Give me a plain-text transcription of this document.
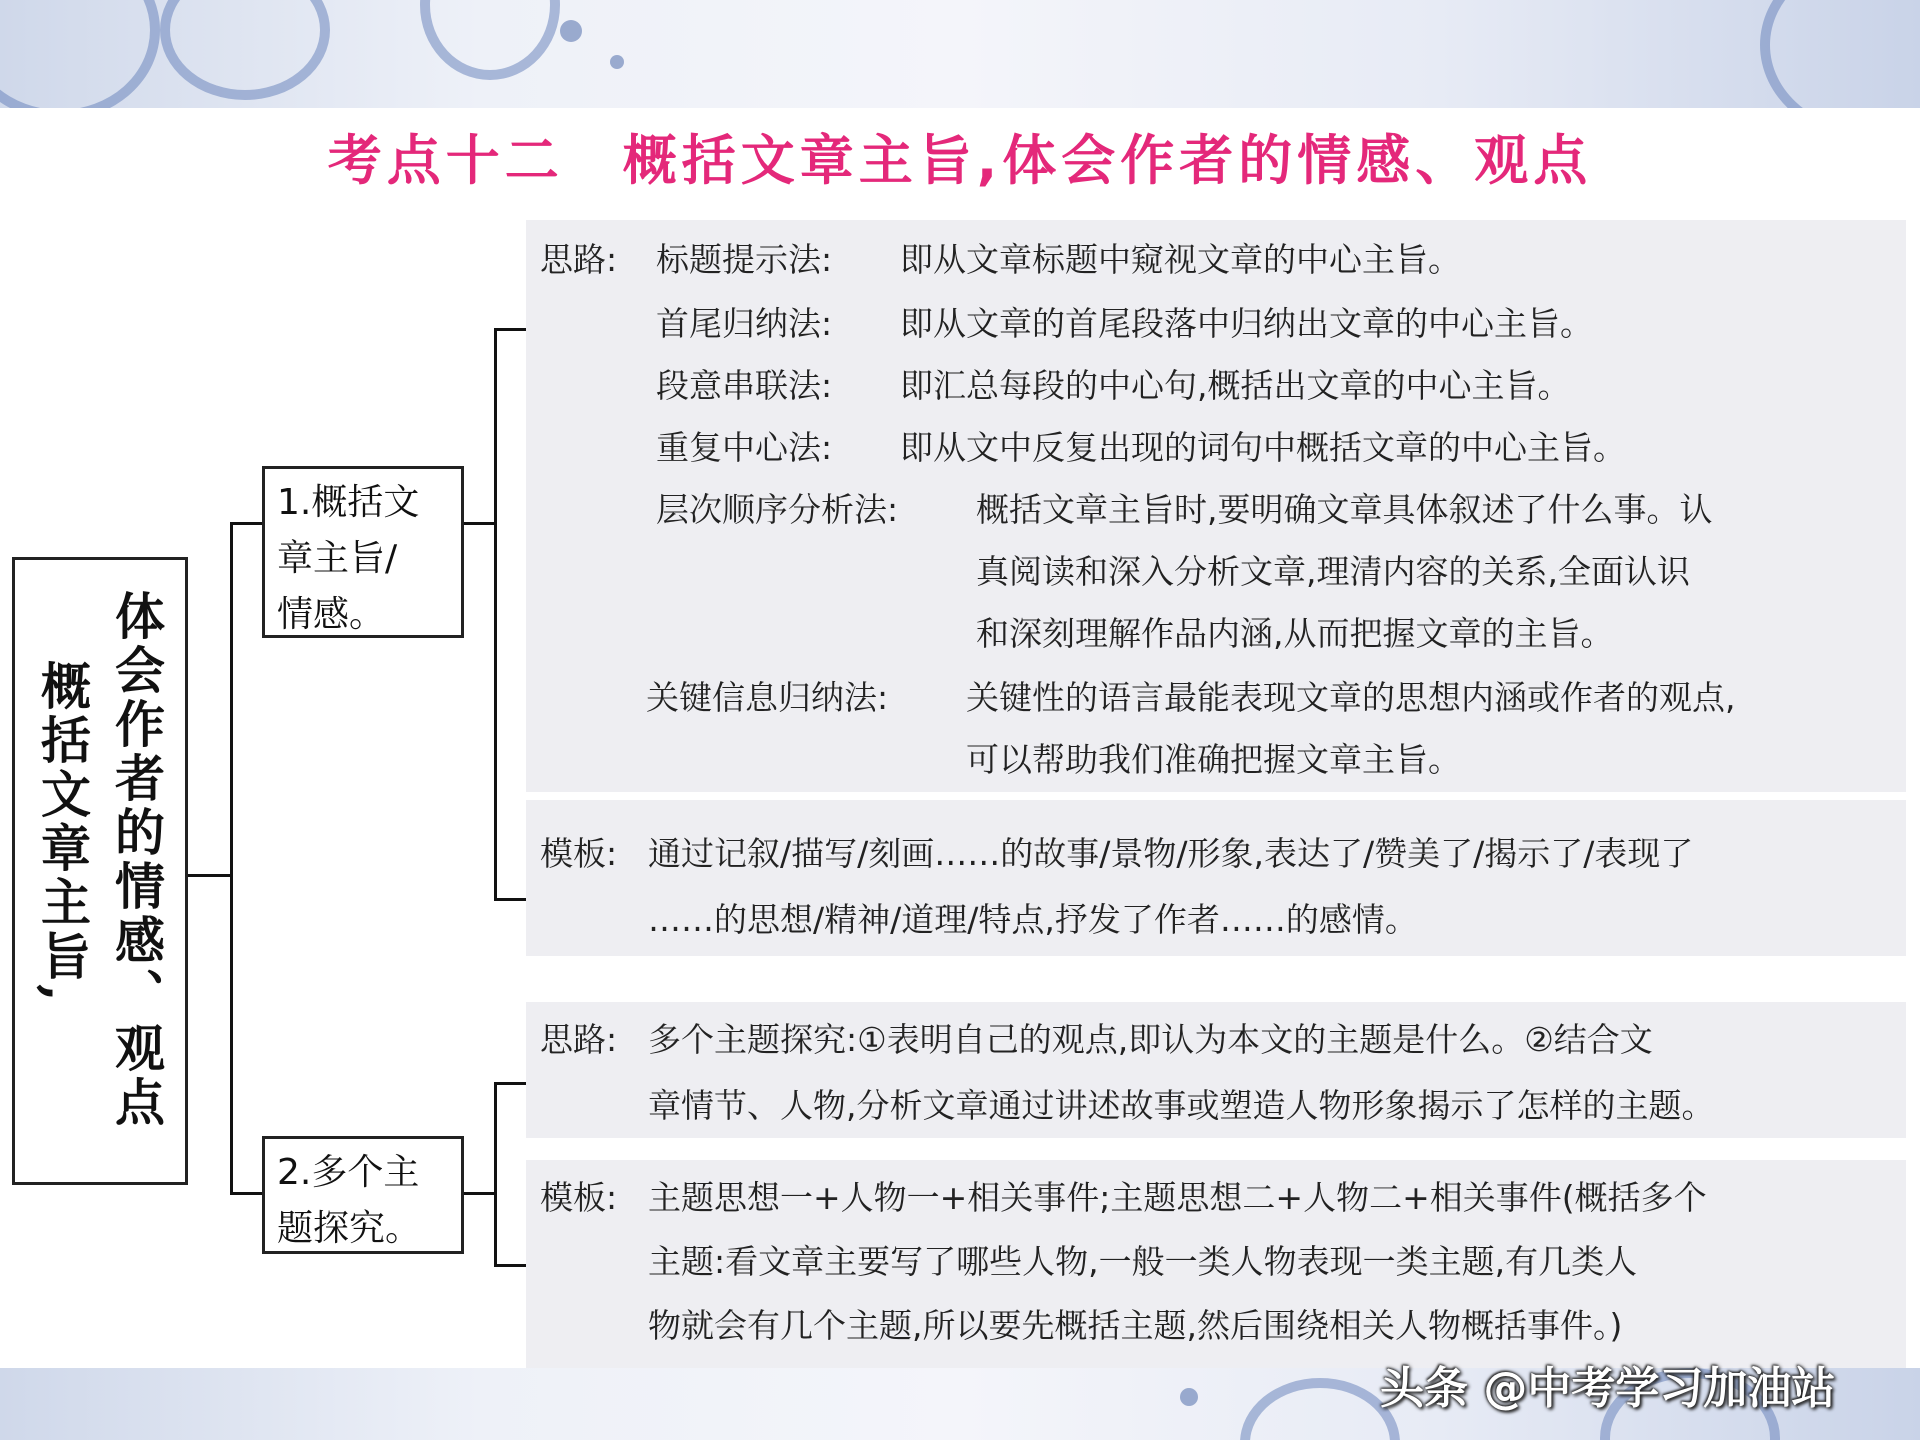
考点十二　概括文章主旨,体会作者的情感、观点
体会作者的情感、观点
概括文章主旨,
1.概括文
章主旨/
情感。
2.多个主
题探究。
思路: 标题提示法: 即从文章标题中窥视文章的中心主旨。
首尾归纳法: 即从文章的首尾段落中归纳出文章的中心主旨。
段意串联法: 即汇总每段的中心句,概括出文章的中心主旨。
重复中心法: 即从文中反复出现的词句中概括文章的中心主旨。
层次顺序分析法: 概括文章主旨时,要明确文章具体叙述了什么事。认
真阅读和深入分析文章,理清内容的关系,全面认识
和深刻理解作品内涵,从而把握文章的主旨。
关键信息归纳法: 关键性的语言最能表现文章的思想内涵或作者的观点,
可以帮助我们准确把握文章主旨。
模板: 通过记叙/描写/刻画……的故事/景物/形象,表达了/赞美了/揭示了/表现了
……的思想/精神/道理/特点,抒发了作者……的感情。
思路: 多个主题探究:①表明自己的观点,即认为本文的主题是什么。②结合文
章情节、人物,分析文章通过讲述故事或塑造人物形象揭示了怎样的主题。
模板: 主题思想一+人物一+相关事件;主题思想二+人物二+相关事件(概括多个
主题:看文章主要写了哪些人物,一般一类人物表现一类主题,有几类人
物就会有几个主题,所以要先概括主题,然后围绕相关人物概括事件。)
头条 @中考学习加油站
